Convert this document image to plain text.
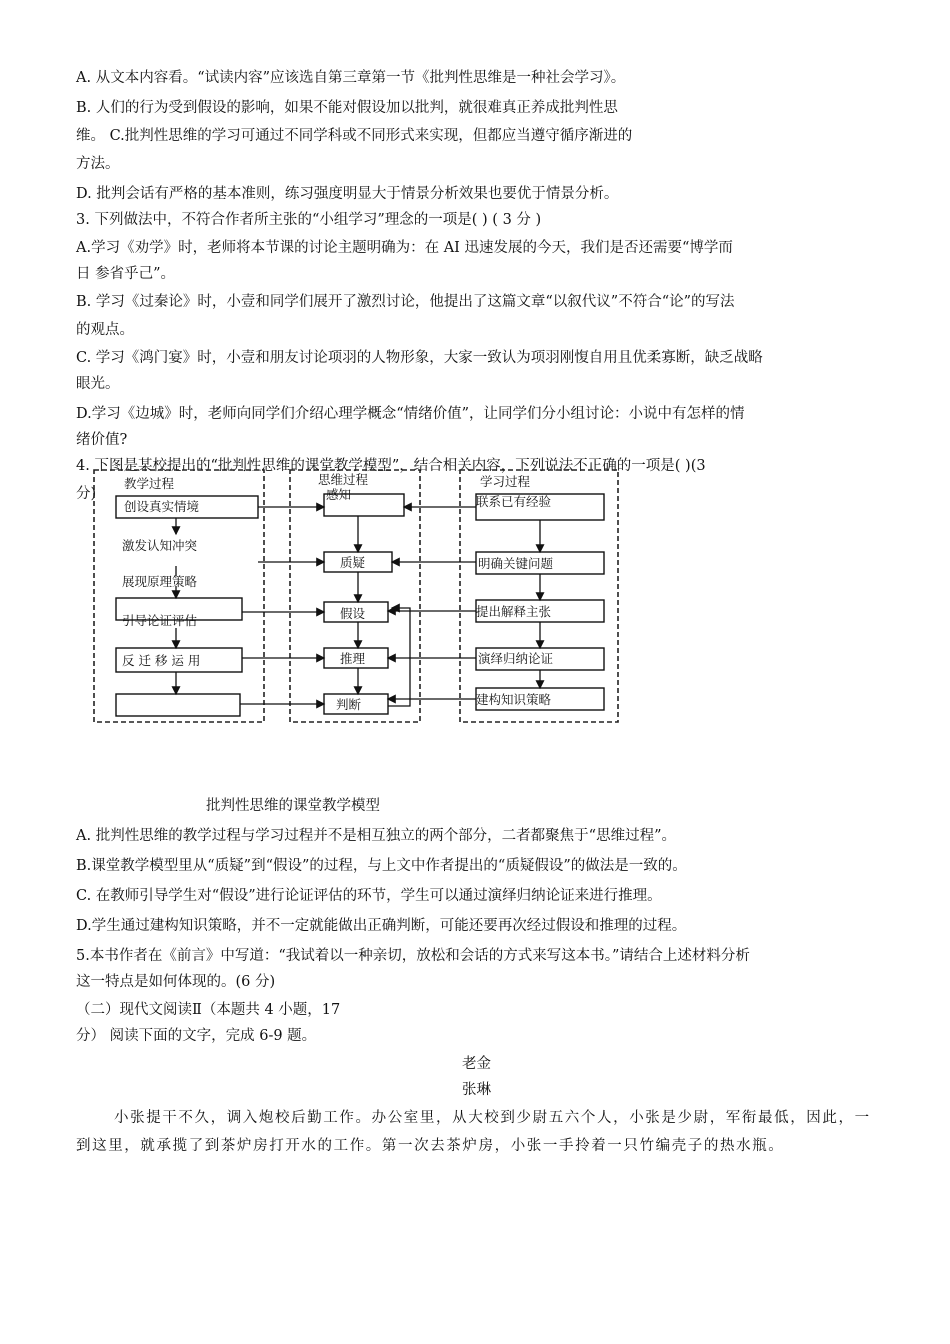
A. 从文本内容看。“试读内容”应该选自第三章第一节《批判性思维是一种社会学习》。
B. 人们的行为受到假设的影响，如果不能对假设加以批判，就很难真正养成批判性思
维。 C.批判性思维的学习可通过不同学科或不同形式来实现，但都应当遵守循序渐进的
方法。
D. 批判会话有严格的基本准则，练习强度明显大于情景分析效果也要优于情景分析。
3. 下列做法中，不符合作者所主张的“小组学习”理念的一项是( ) ( 3 分 )
A.学习《劝学》时，老师将本节课的讨论主题明确为：在 AI 迅速发展的今天，我们是否还需要“博学而
日 参省乎己”。
B. 学习《过秦论》时，小壹和同学们展开了激烈讨论，他提出了这篇文章“以叙代议”不符合“论”的写法
的观点。
C. 学习《鸿门宴》时，小壹和朋友讨论项羽的人物形象，大家一致认为项羽刚愎自用且优柔寡断，缺乏战略
眼光。
D.学习《边城》时，老师向同学们介绍心理学概念“情绪价值”，让同学们分小组讨论：小说中有怎样的情
绪价值?
4. 下图是某校提出的“批判性思维的课堂教学模型”，结合相关内容，下列说法不正确的一项是( )(3
分)
教学过程	思维过程	学习过程
创设真实情境
激发认知冲突
展现原理策略
引导论证评估
反 迁 移 运 用
感知
质疑
假设
推理
判断
联系已有经验
明确关键问题
提出解释主张
演绎归纳论证
建构知识策略
批判性思维的课堂教学模型
A. 批判性思维的教学过程与学习过程并不是相互独立的两个部分，二者都聚焦于“思维过程”。
B.课堂教学模型里从“质疑”到“假设”的过程，与上文中作者提出的“质疑假设”的做法是一致的。
C. 在教师引导学生对“假设”进行论证评估的环节，学生可以通过演绎归纳论证来进行推理。
D.学生通过建构知识策略，并不一定就能做出正确判断，可能还要再次经过假设和推理的过程。
5.本书作者在《前言》中写道：“我试着以一种亲切，放松和会话的方式来写这本书。”请结合上述材料分析
这一特点是如何体现的。(6 分)
（二）现代文阅读Ⅱ（本题共 4 小题，17
分） 阅读下面的文字，完成 6-9 题。
老金
张琳
小张提干不久，调入炮校后勤工作。办公室里，从大校到少尉五六个人，小张是少尉，军衔最低，因此，一到这里，就承揽了到茶炉房打开水的工作。第一次去茶炉房，小张一手拎着一只竹编壳子的热水瓶。
